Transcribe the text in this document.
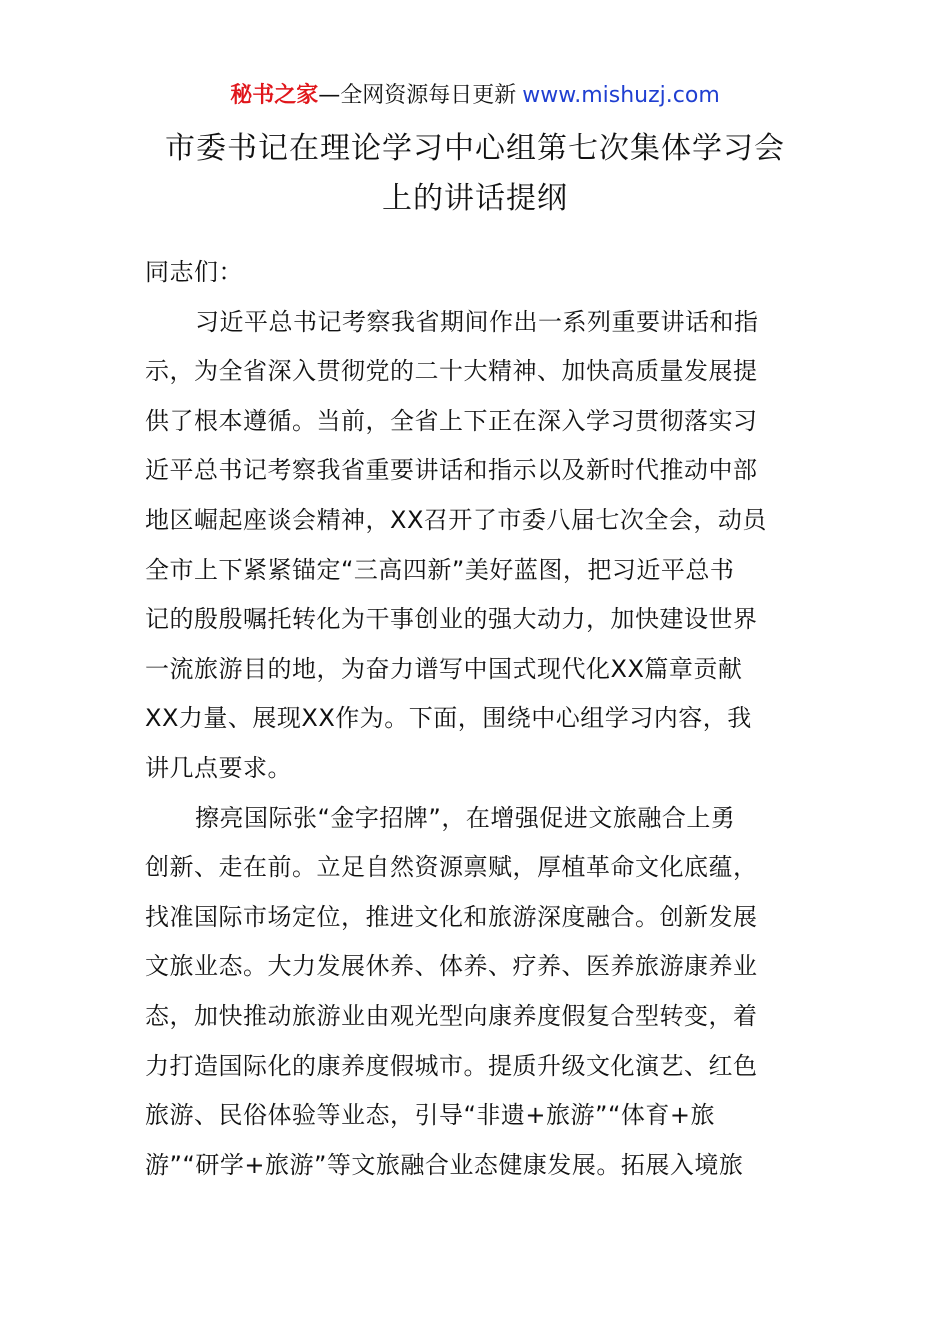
秘书之家—全网资源每日更新 www.mishuzj.com
市委书记在理论学习中心组第七次集体学习会
上的讲话提纲
同志们：
习近平总书记考察我省期间作出一系列重要讲话和指
示，为全省深入贯彻党的二十大精神、加快高质量发展提
供了根本遵循。当前，全省上下正在深入学习贯彻落实习
近平总书记考察我省重要讲话和指示以及新时代推动中部
地区崛起座谈会精神，XX召开了市委八届七次全会，动员
全市上下紧紧锚定“三高四新”美好蓝图，把习近平总书
记的殷殷嘱托转化为干事创业的强大动力，加快建设世界
一流旅游目的地，为奋力谱写中国式现代化XX篇章贡献
XX力量、展现XX作为。下面，围绕中心组学习内容，我
讲几点要求。
擦亮国际张“金字招牌”，在增强促进文旅融合上勇
创新、走在前。立足自然资源禀赋，厚植革命文化底蕴，
找准国际市场定位，推进文化和旅游深度融合。创新发展
文旅业态。大力发展休养、体养、疗养、医养旅游康养业
态，加快推动旅游业由观光型向康养度假复合型转变，着
力打造国际化的康养度假城市。提质升级文化演艺、红色
旅游、民俗体验等业态，引导“非遗+旅游”“体育+旅
游”“研学+旅游”等文旅融合业态健康发展。拓展入境旅
